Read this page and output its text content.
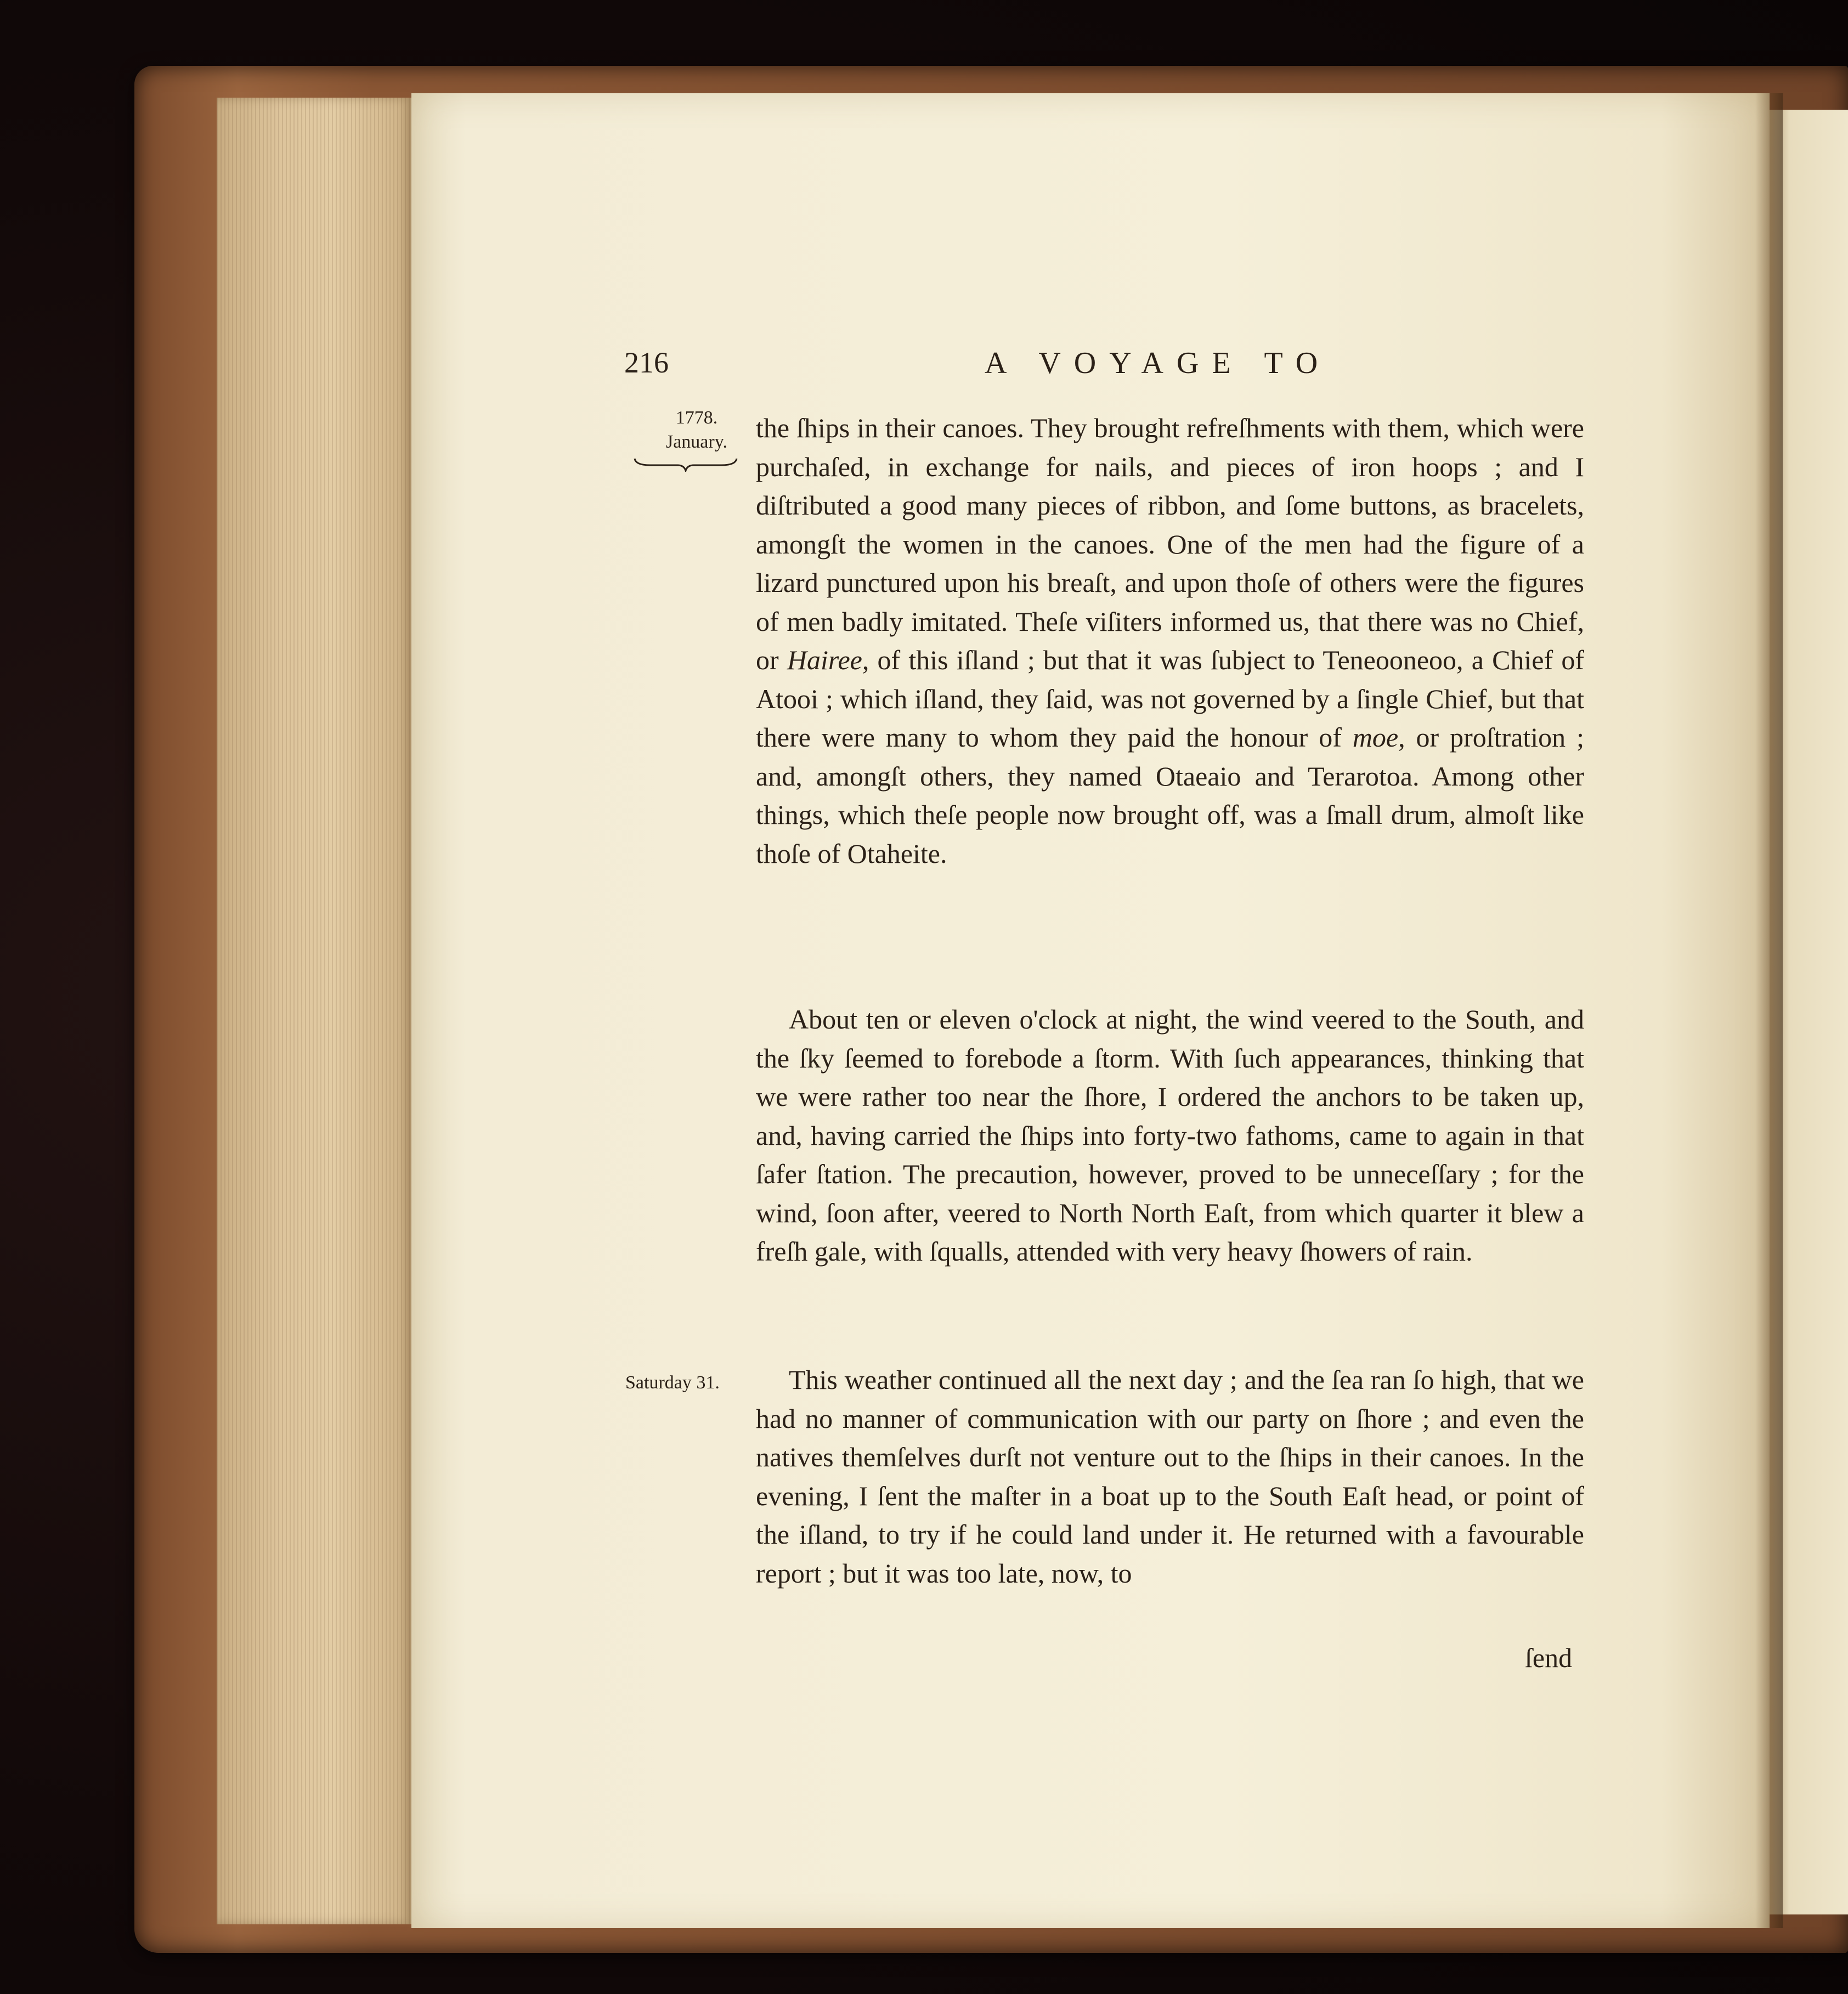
216	A VOYAGE TO
1778.
January.
Saturday 31.

the ſhips in their canoes. They brought refreſhments with them, which were purchaſed, in exchange for nails, and pieces of iron hoops ; and I diſtributed a good many pieces of ribbon, and ſome buttons, as bracelets, amongſt the women in the canoes. One of the men had the figure of a lizard punctured upon his breaſt, and upon thoſe of others were the figures of men badly imitated. Theſe viſiters informed us, that there was no Chief, or Hairee, of this iſland ; but that it was ſubject to Teneooneoo, a Chief of Atooi ; which iſland, they ſaid, was not governed by a ſingle Chief, but that there were many to whom they paid the honour of moe, or proſtration ; and, amongſt others, they named Otaeaio and Terarotoa. Among other things, which theſe people now brought off, was a ſmall drum, almoſt like thoſe of Otaheite.

About ten or eleven o'clock at night, the wind veered to the South, and the ſky ſeemed to forebode a ſtorm. With ſuch appearances, thinking that we were rather too near the ſhore, I ordered the anchors to be taken up, and, having carried the ſhips into forty-two fathoms, came to again in that ſafer ſtation. The precaution, however, proved to be unneceſſary ; for the wind, ſoon after, veered to North North Eaſt, from which quarter it blew a freſh gale, with ſqualls, attended with very heavy ſhowers of rain.

This weather continued all the next day ; and the ſea ran ſo high, that we had no manner of communication with our party on ſhore ; and even the natives themſelves durſt not venture out to the ſhips in their canoes. In the evening, I ſent the maſter in a boat up to the South Eaſt head, or point of the iſland, to try if he could land under it. He returned with a favourable report ; but it was too late, now, to

ſend
